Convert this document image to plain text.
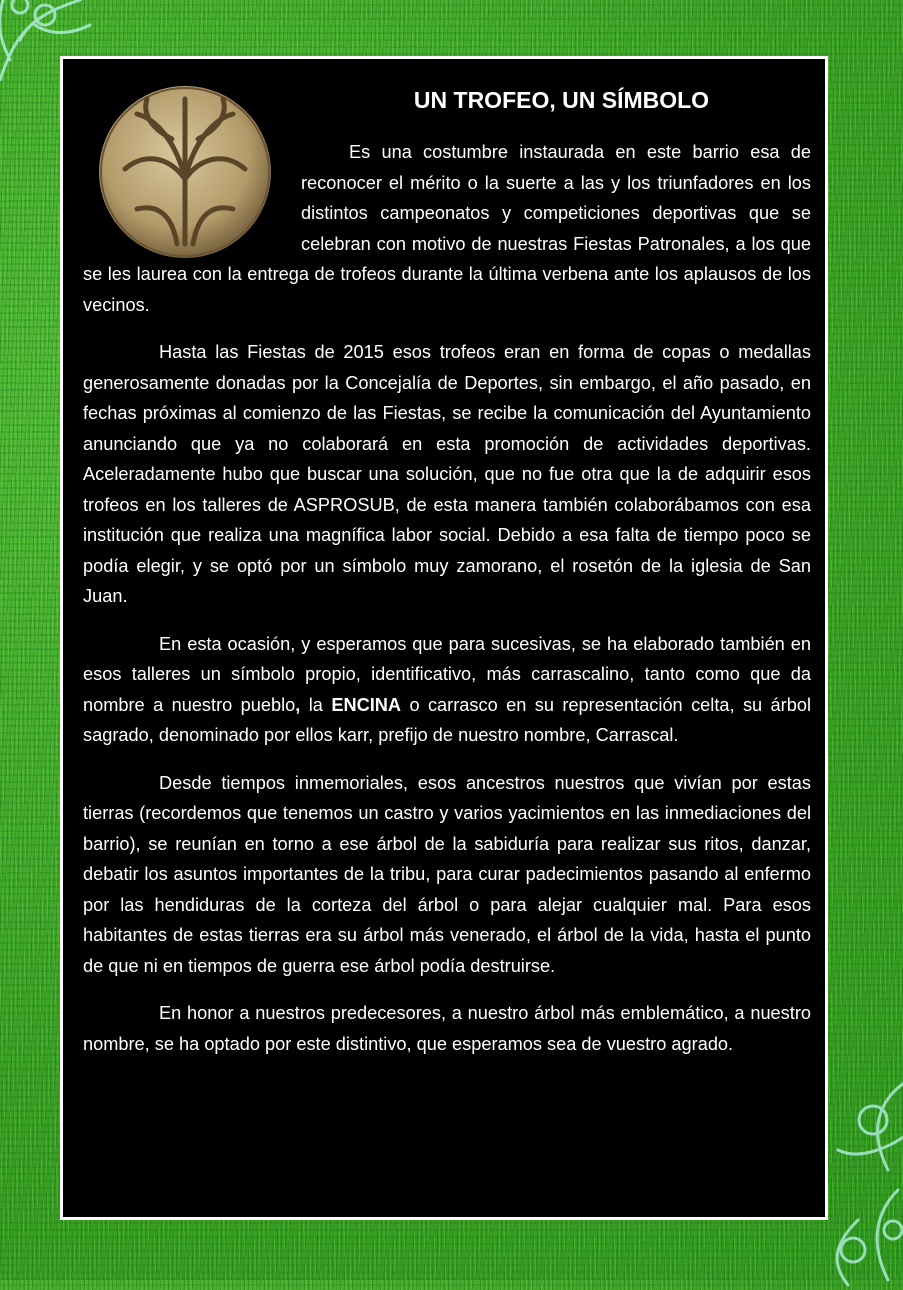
UN TROFEO, UN SÍMBOLO

Es una costumbre instaurada en este barrio esa de reconocer el mérito o la suerte a las y los triunfadores en los distintos campeonatos y competiciones deportivas que se celebran con motivo de nuestras Fiestas Patronales, a los que se les laurea con la entrega de trofeos durante la última verbena ante los aplausos de los vecinos.

Hasta las Fiestas de 2015 esos trofeos eran en forma de copas o medallas generosamente donadas por la Concejalía de Deportes, sin embargo, el año pasado, en fechas próximas al comienzo de las Fiestas, se recibe la comunicación del Ayuntamiento anunciando que ya no colaborará en esta promoción de actividades deportivas. Aceleradamente hubo que buscar una solución, que no fue otra que la de adquirir esos trofeos en los talleres de ASPROSUB, de esta manera también colaborábamos con esa institución que realiza una magnífica labor social. Debido a esa falta de tiempo poco se podía elegir, y se optó por un símbolo muy zamorano, el rosetón de la iglesia de San Juan.

En esta ocasión, y esperamos que para sucesivas, se ha elaborado también en esos talleres un símbolo propio, identificativo, más carrascalino, tanto como que da nombre a nuestro pueblo, la ENCINA o carrasco en su representación celta, su árbol sagrado, denominado por ellos karr, prefijo de nuestro nombre, Carrascal.

Desde tiempos inmemoriales, esos ancestros nuestros que vivían por estas tierras (recordemos que tenemos un castro y varios yacimientos en las inmediaciones del barrio), se reunían en torno a ese árbol de la sabiduría para realizar sus ritos, danzar, debatir los asuntos importantes de la tribu, para curar padecimientos pasando al enfermo por las hendiduras de la corteza del árbol o para alejar cualquier mal. Para esos habitantes de estas tierras era su árbol más venerado, el árbol de la vida, hasta el punto de que ni en tiempos de guerra ese árbol podía destruirse.

En honor a nuestros predecesores, a nuestro árbol más emblemático, a nuestro nombre, se ha optado por este distintivo, que esperamos sea de vuestro agrado.
